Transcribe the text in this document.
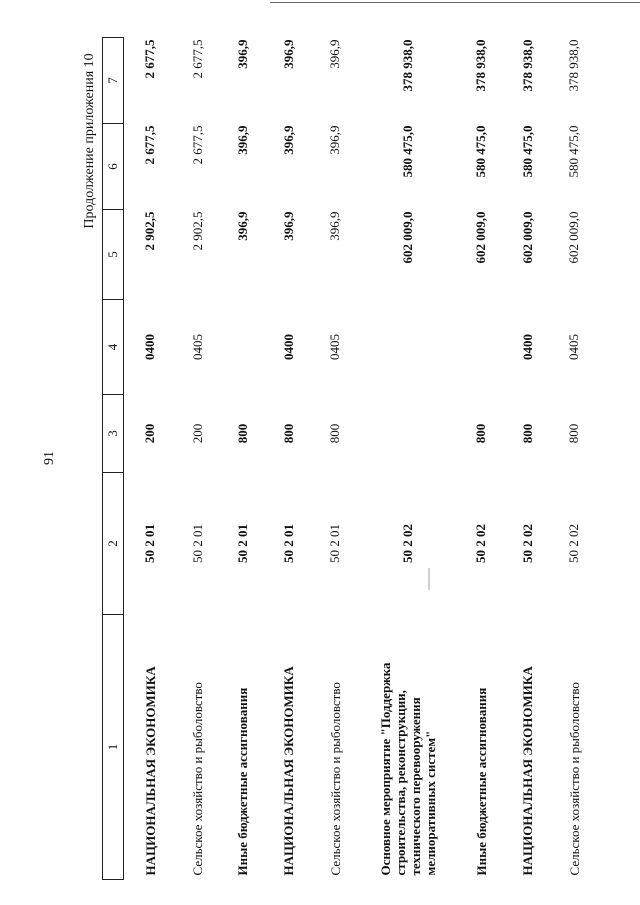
91
Продолжение приложения 10
1	2	3	4	5	6	7
НАЦИОНАЛЬНАЯ ЭКОНОМИКА	50 2 01	200	0400	2 902,5	2 677,5	2 677,5
Сельское хозяйство и рыболовство	50 2 01	200	0405	2 902,5	2 677,5	2 677,5
Иные бюджетные ассигнования	50 2 01	800		396,9	396,9	396,9
НАЦИОНАЛЬНАЯ ЭКОНОМИКА	50 2 01	800	0400	396,9	396,9	396,9
Сельское хозяйство и рыболовство	50 2 01	800	0405	396,9	396,9	396,9
Основное мероприятие "Поддержка строительства, реконструкции, технического перевооружения мелиоративных систем"	50 2 02			602 009,0	580 475,0	378 938,0
Иные бюджетные ассигнования	50 2 02	800		602 009,0	580 475,0	378 938,0
НАЦИОНАЛЬНАЯ ЭКОНОМИКА	50 2 02	800	0400	602 009,0	580 475,0	378 938,0
Сельское хозяйство и рыболовство	50 2 02	800	0405	602 009,0	580 475,0	378 938,0
